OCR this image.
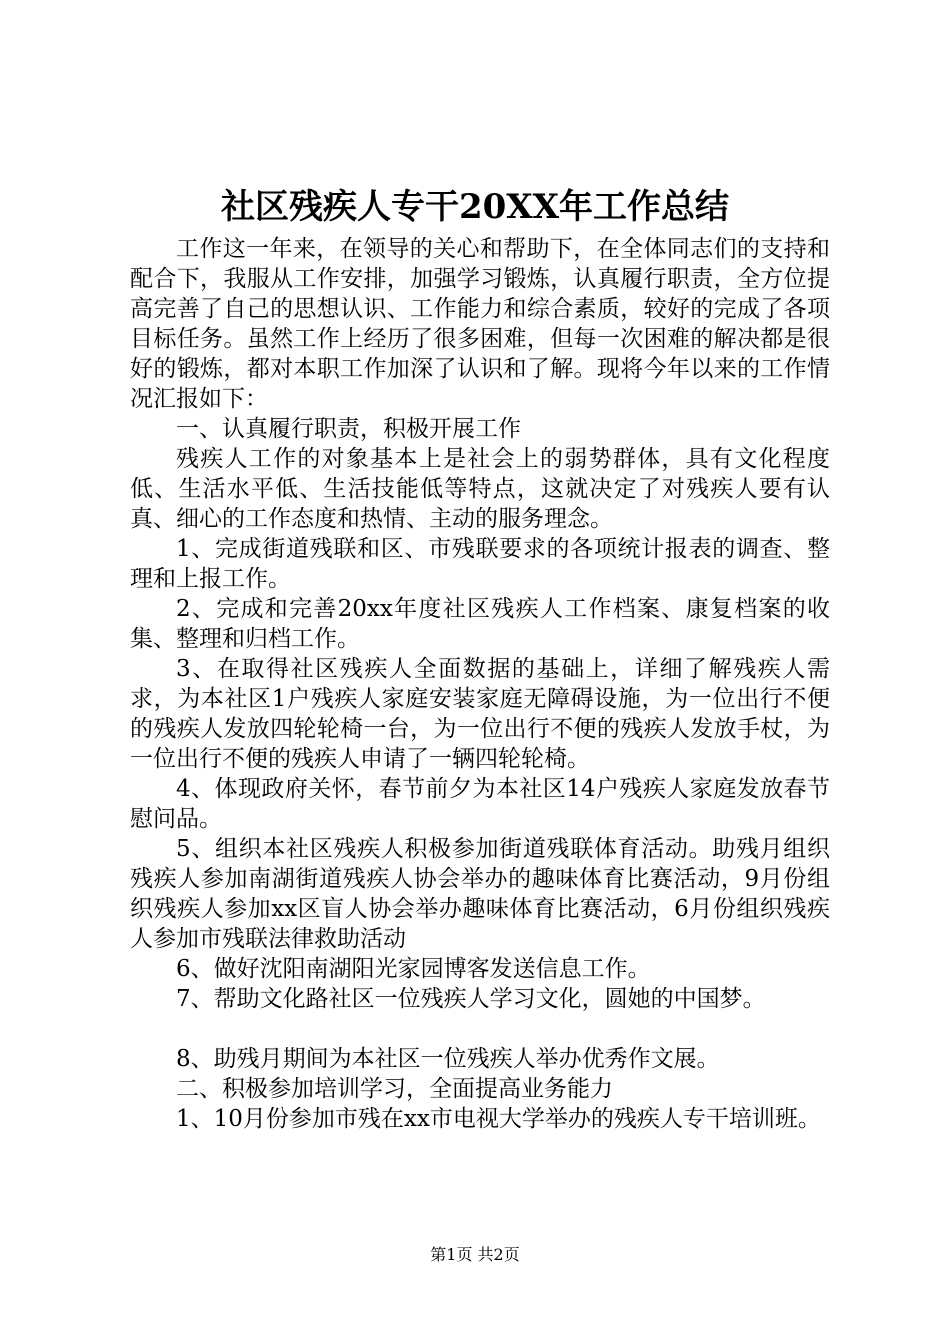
社区残疾人专干20XX年工作总结

工作这一年来，在领导的关心和帮助下，在全体同志们的支持和配合下，我服从工作安排，加强学习锻炼，认真履行职责，全方位提高完善了自己的思想认识、工作能力和综合素质，较好的完成了各项目标任务。虽然工作上经历了很多困难，但每一次困难的解决都是很好的锻炼，都对本职工作加深了认识和了解。现将今年以来的工作情况汇报如下：

一、认真履行职责，积极开展工作

残疾人工作的对象基本上是社会上的弱势群体，具有文化程度低、生活水平低、生活技能低等特点，这就决定了对残疾人要有认真、细心的工作态度和热情、主动的服务理念。

1、完成街道残联和区、市残联要求的各项统计报表的调查、整理和上报工作。

2、完成和完善20xx年度社区残疾人工作档案、康复档案的收集、整理和归档工作。

3、在取得社区残疾人全面数据的基础上，详细了解残疾人需求，为本社区1户残疾人家庭安装家庭无障碍设施，为一位出行不便的残疾人发放四轮轮椅一台，为一位出行不便的残疾人发放手杖，为一位出行不便的残疾人申请了一辆四轮轮椅。

4、体现政府关怀，春节前夕为本社区14户残疾人家庭发放春节慰问品。

5、组织本社区残疾人积极参加街道残联体育活动。助残月组织残疾人参加南湖街道残疾人协会举办的趣味体育比赛活动，9月份组织残疾人参加xx区盲人协会举办趣味体育比赛活动，6月份组织残疾人参加市残联法律救助活动

6、做好沈阳南湖阳光家园博客发送信息工作。

7、帮助文化路社区一位残疾人学习文化，圆她的中国梦。

8、助残月期间为本社区一位残疾人举办优秀作文展。

二、积极参加培训学习，全面提高业务能力

1、10月份参加市残在xx市电视大学举办的残疾人专干培训班。

第1页 共2页
